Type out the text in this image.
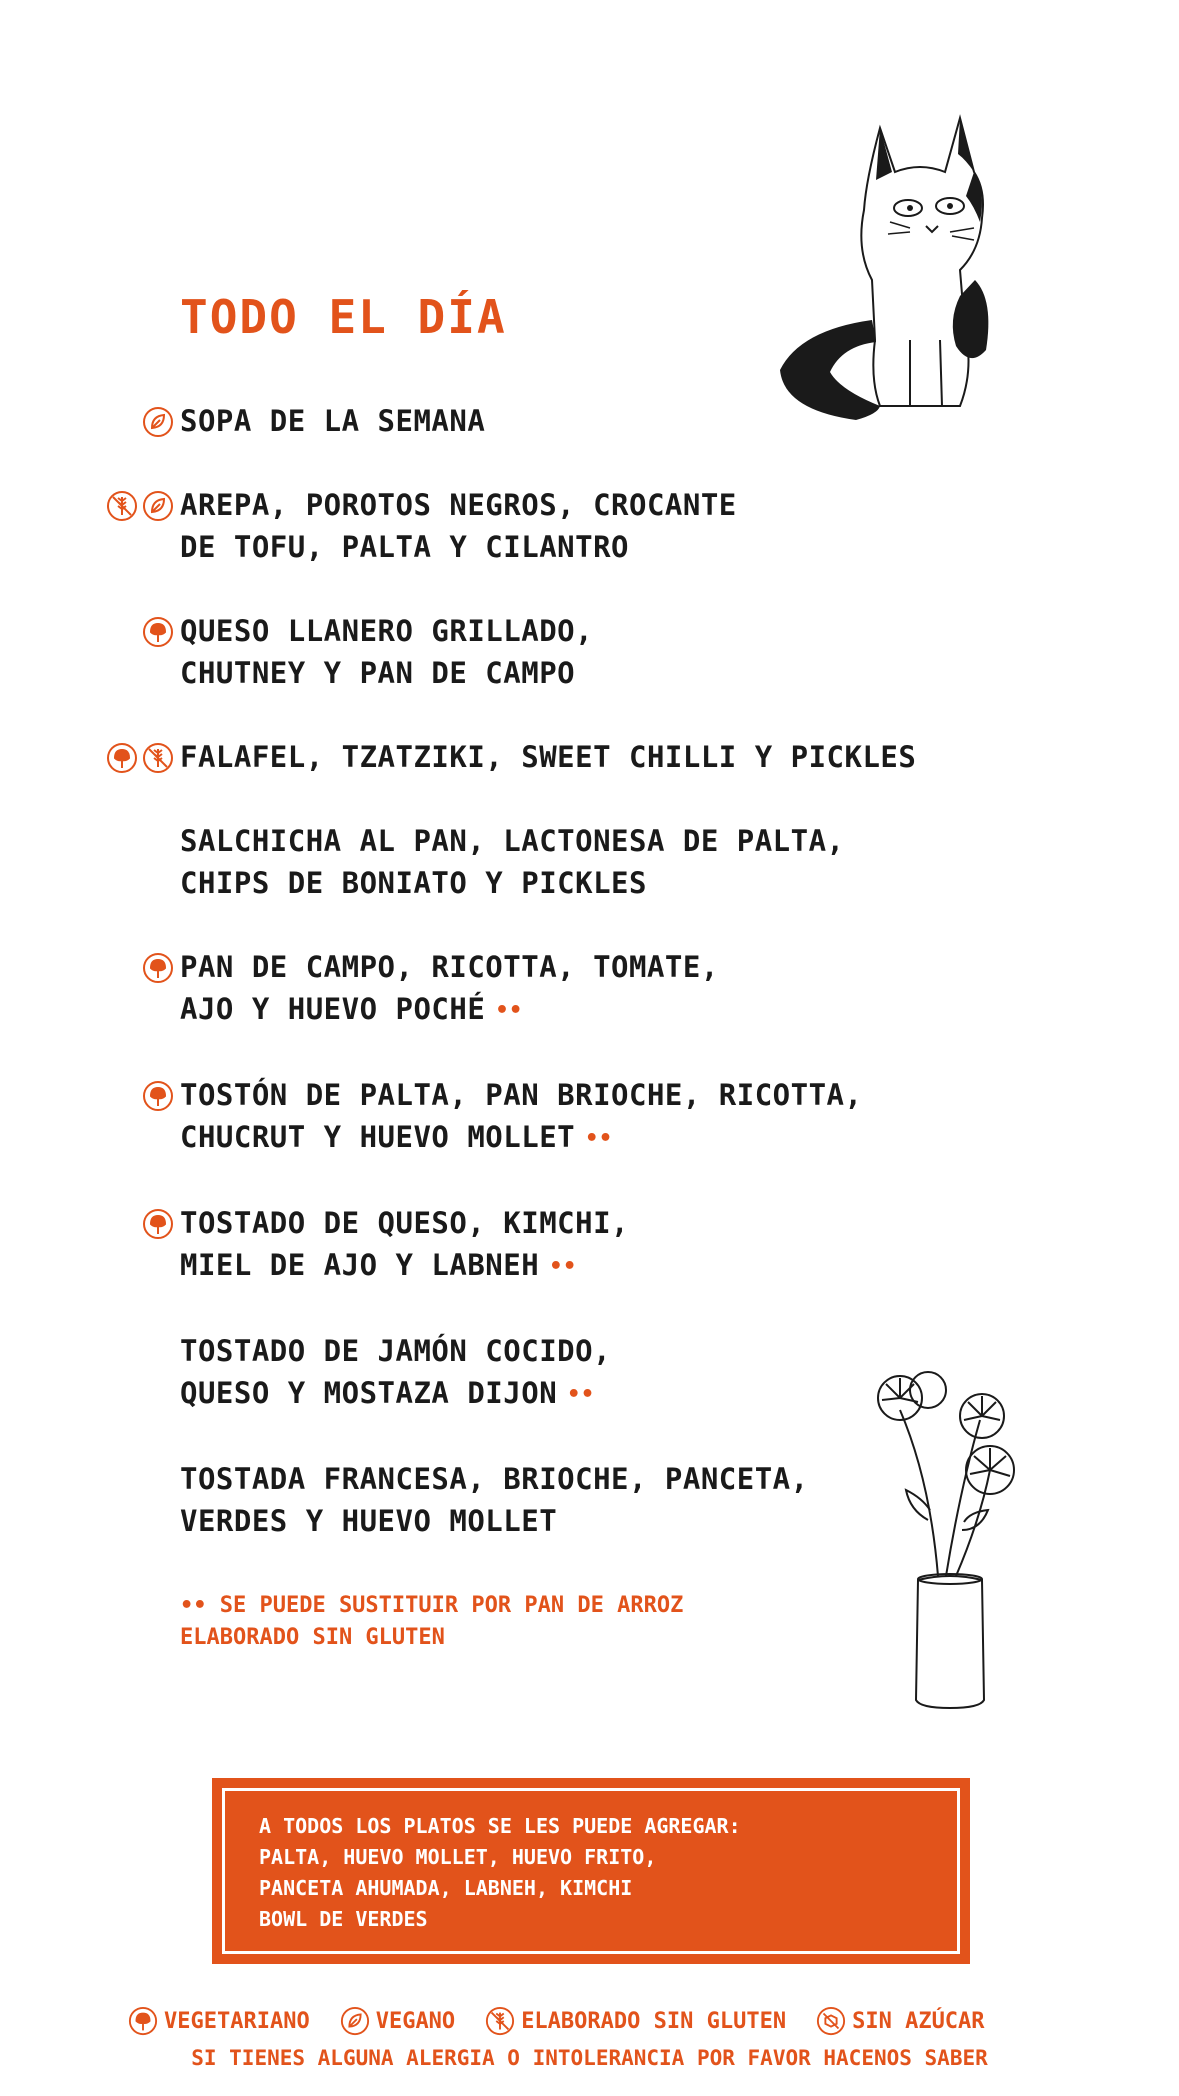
TODO EL DÍA
SOPA DE LA SEMANA
AREPA, POROTOS NEGROS, CROCANTE
DE TOFU, PALTA Y CILANTRO
QUESO LLANERO GRILLADO,
CHUTNEY Y PAN DE CAMPO
FALAFEL, TZATZIKI, SWEET CHILLI Y PICKLES
SALCHICHA AL PAN, LACTONESA DE PALTA,
CHIPS DE BONIATO Y PICKLES
PAN DE CAMPO, RICOTTA, TOMATE,
AJO Y HUEVO POCHÉ ••
TOSTÓN DE PALTA, PAN BRIOCHE, RICOTTA,
CHUCRUT Y HUEVO MOLLET ••
TOSTADO DE QUESO, KIMCHI,
MIEL DE AJO Y LABNEH ••
TOSTADO DE JAMÓN COCIDO,
QUESO Y MOSTAZA DIJON ••
TOSTADA FRANCESA, BRIOCHE, PANCETA,
VERDES Y HUEVO MOLLET
•• SE PUEDE SUSTITUIR POR PAN DE ARROZ
ELABORADO SIN GLUTEN
A TODOS LOS PLATOS SE LES PUEDE AGREGAR:
PALTA, HUEVO MOLLET, HUEVO FRITO,
PANCETA AHUMADA, LABNEH, KIMCHI
BOWL DE VERDES
VEGETARIANO	VEGANO	ELABORADO SIN GLUTEN	SIN AZÚCAR
SI TIENES ALGUNA ALERGIA O INTOLERANCIA POR FAVOR HACENOS SABER
